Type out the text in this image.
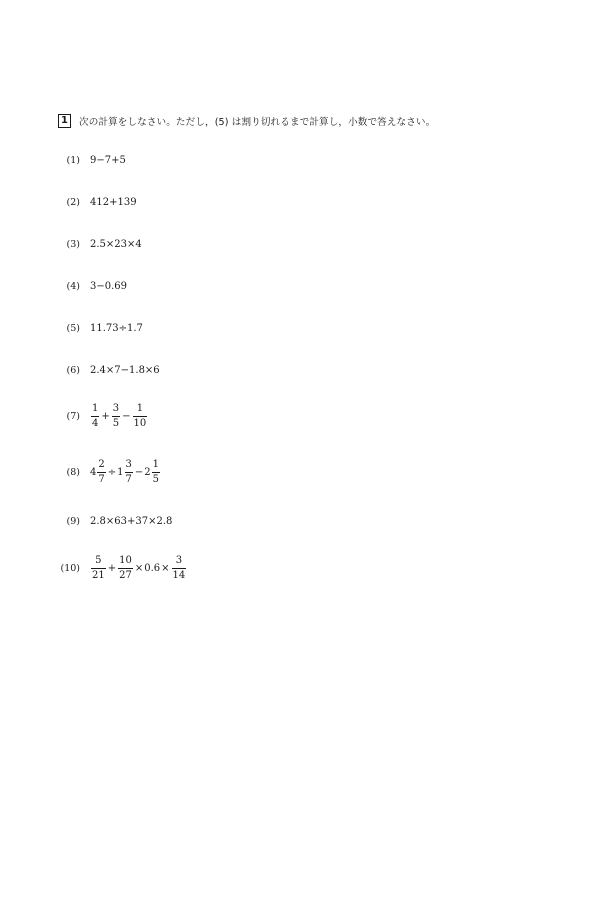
1	次の計算をしなさい。ただし，(5) は割り切れるまで計算し，小数で答えなさい。
(1) 9−7+5
(2) 412+139
(3) 2.5×23×4
(4) 3−0.69
(5) 11.73÷1.7
(6) 2.4×7−1.8×6
$(7) \frac{1}{4} + \frac{3}{5} - \frac{1}{10}$
(8) $4 \frac{2}{7} \div 1 \frac{3}{7} - 2 \frac{1}{5}$
(9) 2.8×63+37×2.8
$(10) \frac{5}{21} + \frac{10}{27} \times 0.6 \times \frac{3}{14}$
